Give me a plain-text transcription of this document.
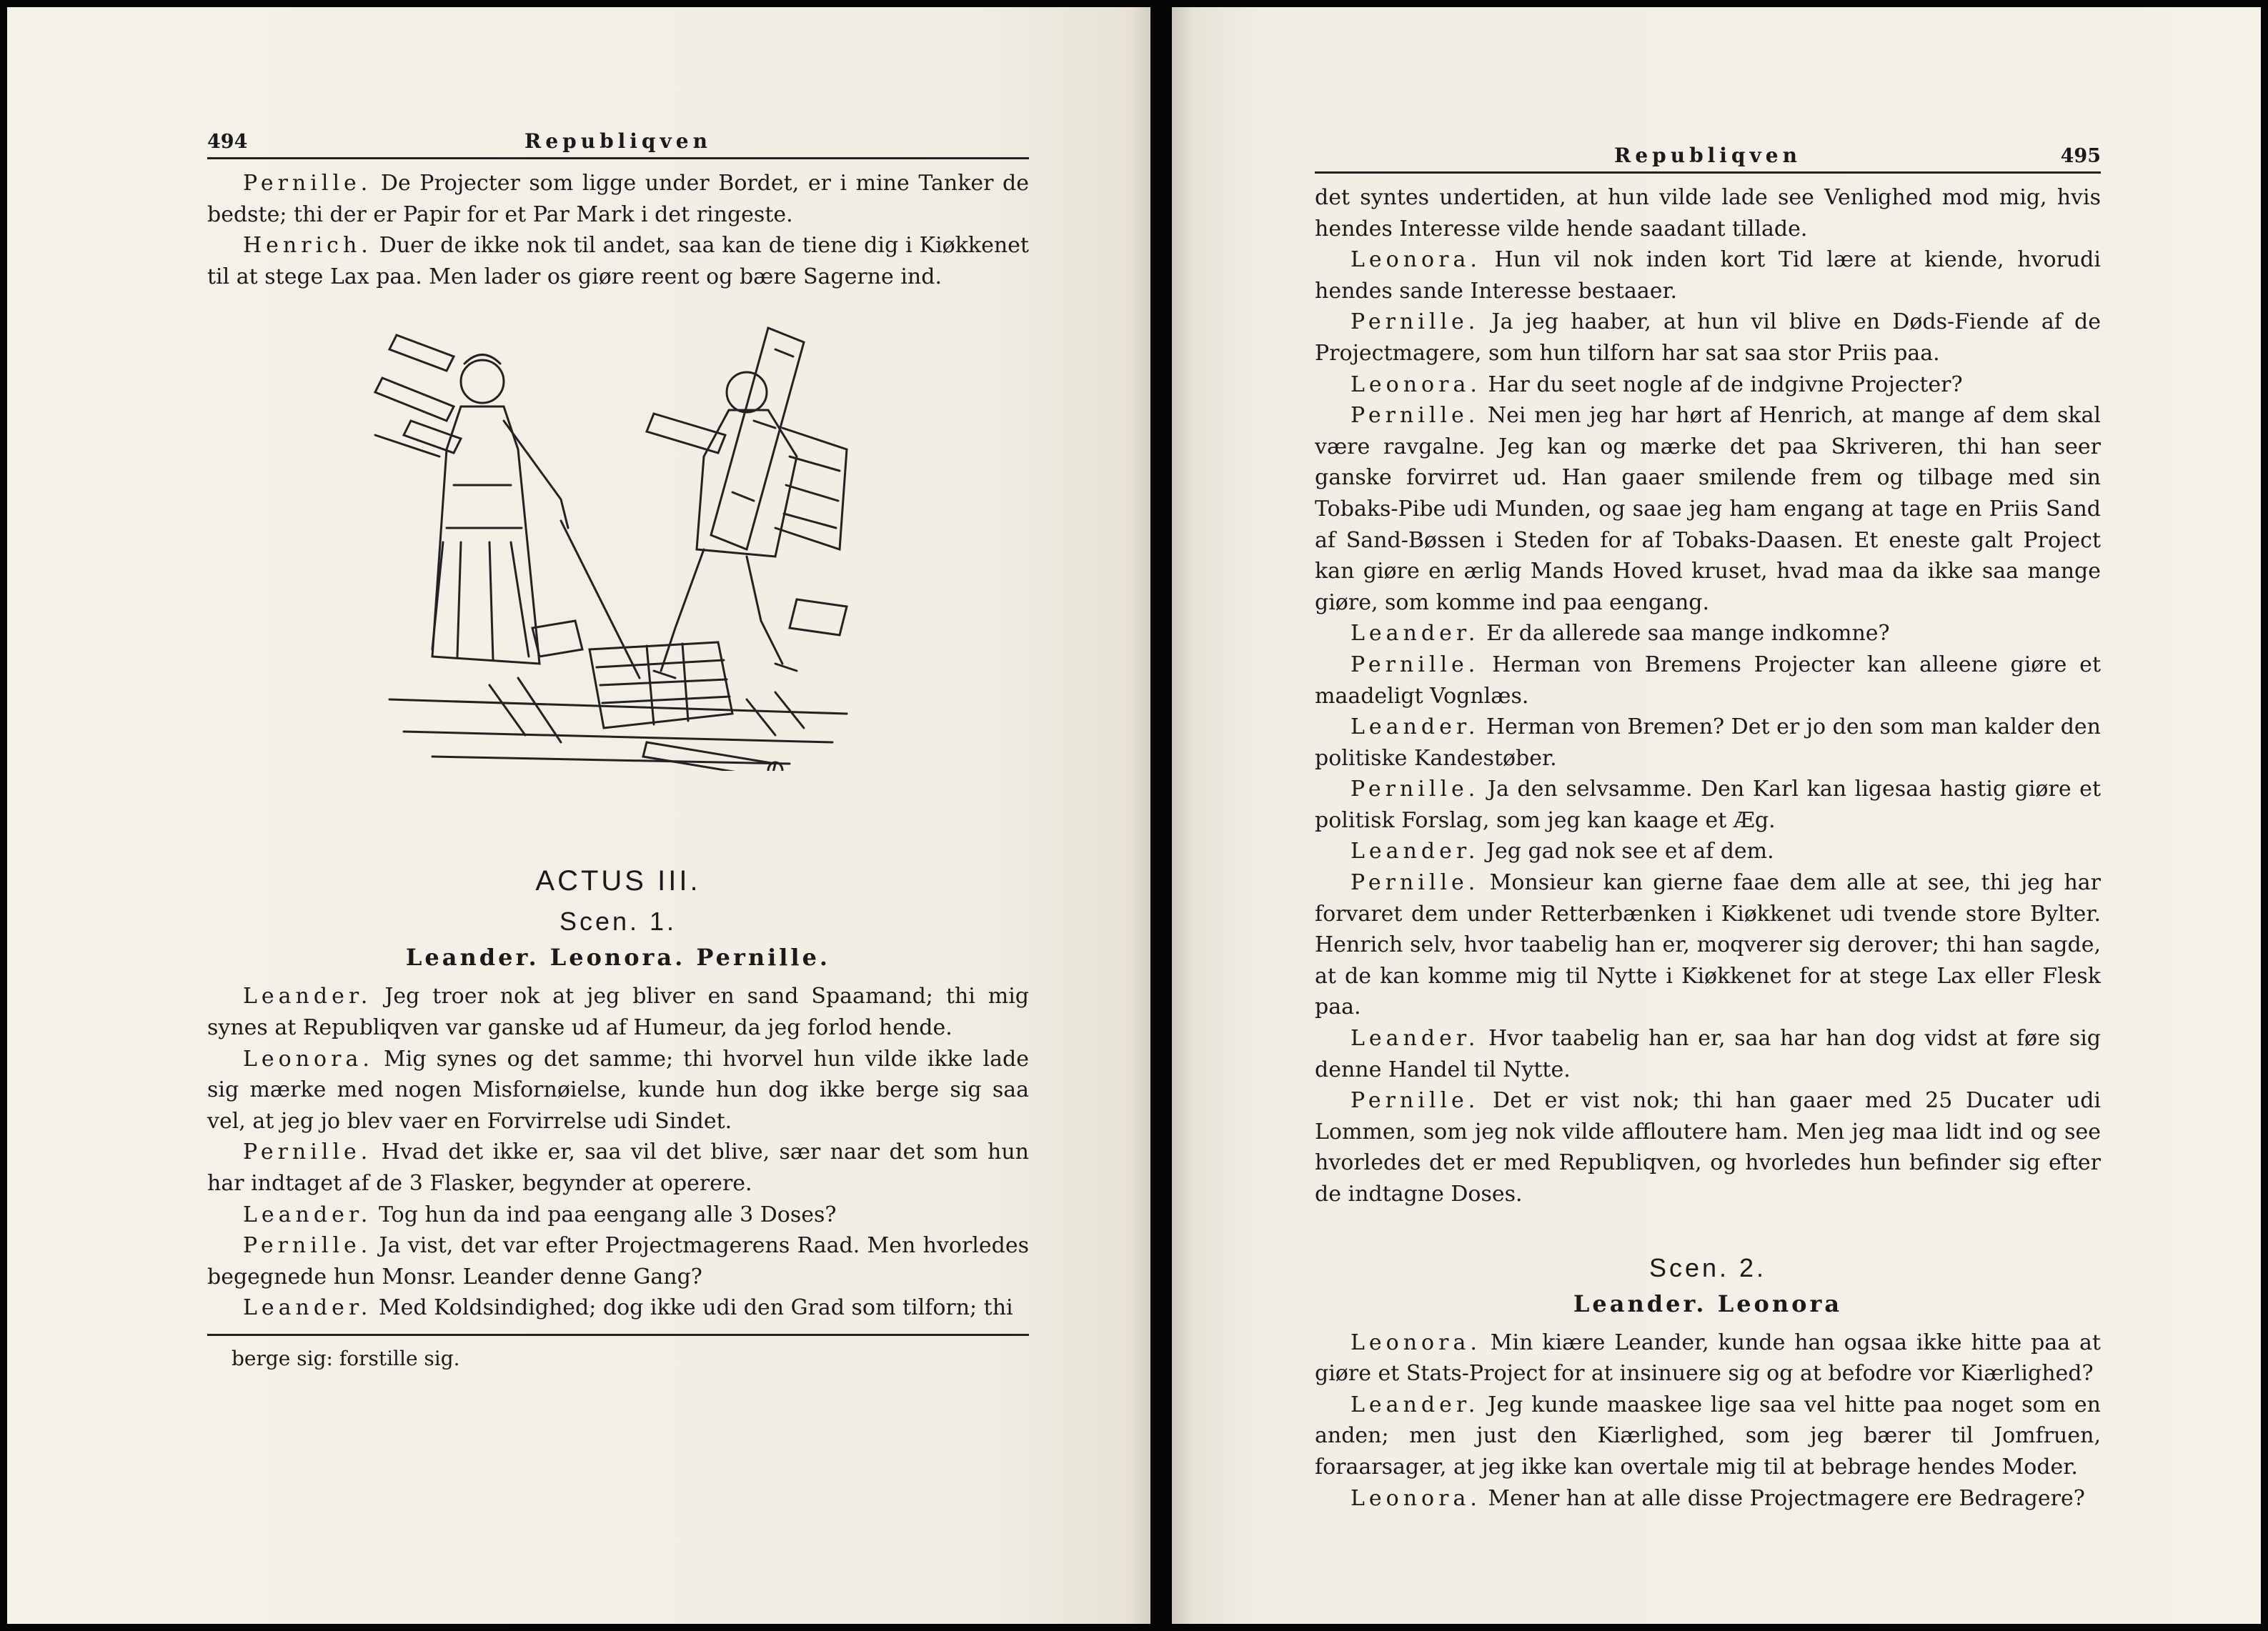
494	Republiqven

Pernille. De Projecter som ligge under Bordet, er i mine Tanker de bedste; thi der er Papir for et Par Mark i det ringeste.

Henrich. Duer de ikke nok til andet, saa kan de tiene dig i Kiøkkenet til at stege Lax paa. Men lader os giøre reent og bære Sagerne ind.

ACTUS III.
Scen. 1.
Leander. Leonora. Pernille.

Leander. Jeg troer nok at jeg bliver en sand Spaamand; thi mig synes at Republiqven var ganske ud af Humeur, da jeg forlod hende.

Leonora. Mig synes og det samme; thi hvorvel hun vilde ikke lade sig mærke med nogen Misfornøielse, kunde hun dog ikke berge sig saa vel, at jeg jo blev vaer en Forvirrelse udi Sindet.

Pernille. Hvad det ikke er, saa vil det blive, sær naar det som hun har indtaget af de 3 Flasker, begynder at operere.

Leander. Tog hun da ind paa eengang alle 3 Doses?

Pernille. Ja vist, det var efter Projectmagerens Raad. Men hvorledes begegnede hun Monsr. Leander denne Gang?

Leander. Med Koldsindighed; dog ikke udi den Grad som tilforn; thi

berge sig: forstille sig.
Republiqven	495

det syntes undertiden, at hun vilde lade see Venlighed mod mig, hvis hendes Interesse vilde hende saadant tillade.

Leonora. Hun vil nok inden kort Tid lære at kiende, hvorudi hendes sande Interesse bestaaer.

Pernille. Ja jeg haaber, at hun vil blive en Døds-Fiende af de Projectmagere, som hun tilforn har sat saa stor Priis paa.

Leonora. Har du seet nogle af de indgivne Projecter?

Pernille. Nei men jeg har hørt af Henrich, at mange af dem skal være ravgalne. Jeg kan og mærke det paa Skriveren, thi han seer ganske forvirret ud. Han gaaer smilende frem og tilbage med sin Tobaks-Pibe udi Munden, og saae jeg ham engang at tage en Priis Sand af Sand-Bøssen i Steden for af Tobaks-Daasen. Et eneste galt Project kan giøre en ærlig Mands Hoved kruset, hvad maa da ikke saa mange giøre, som komme ind paa eengang.

Leander. Er da allerede saa mange indkomne?

Pernille. Herman von Bremens Projecter kan alleene giøre et maadeligt Vognlæs.

Leander. Herman von Bremen? Det er jo den som man kalder den politiske Kandestøber.

Pernille. Ja den selvsamme. Den Karl kan ligesaa hastig giøre et politisk Forslag, som jeg kan kaage et Æg.

Leander. Jeg gad nok see et af dem.

Pernille. Monsieur kan gierne faae dem alle at see, thi jeg har forvaret dem under Retterbænken i Kiøkkenet udi tvende store Bylter. Henrich selv, hvor taabelig han er, moqverer sig derover; thi han sagde, at de kan komme mig til Nytte i Kiøkkenet for at stege Lax eller Flesk paa.

Leander. Hvor taabelig han er, saa har han dog vidst at føre sig denne Handel til Nytte.

Pernille. Det er vist nok; thi han gaaer med 25 Ducater udi Lommen, som jeg nok vilde affloutere ham. Men jeg maa lidt ind og see hvorledes det er med Republiqven, og hvorledes hun befinder sig efter de indtagne Doses.

Scen. 2.
Leander. Leonora

Leonora. Min kiære Leander, kunde han ogsaa ikke hitte paa at giøre et Stats-Project for at insinuere sig og at befodre vor Kiærlighed?

Leander. Jeg kunde maaskee lige saa vel hitte paa noget som en anden; men just den Kiærlighed, som jeg bærer til Jomfruen, foraarsager, at jeg ikke kan overtale mig til at bebrage hendes Moder.

Leonora. Mener han at alle disse Projectmagere ere Bedragere?
